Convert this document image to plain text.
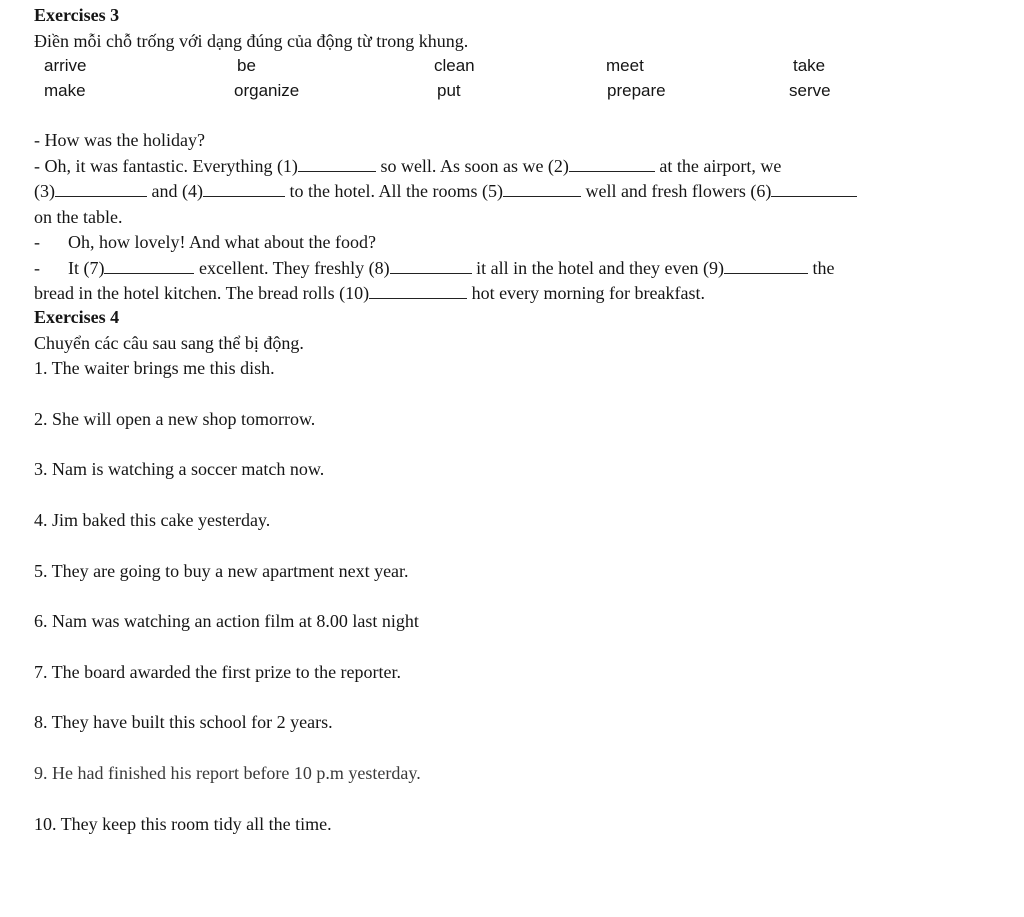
Exercises 3
Điền mỗi chỗ trống với dạng đúng của động từ trong khung.
arrive	be	clean	meet	take
make	organize	put	prepare	serve
- How was the holiday?
- Oh, it was fantastic. Everything (1)	so well. As soon as we (2)	at the airport, we
(3)	and (4)	to the hotel. All the rooms (5)	well and fresh flowers (6)
on the table.
- Oh, how lovely! And what about the food?
- It (7)	excellent. They freshly (8)	it all in the hotel and they even (9)	the
bread in the hotel kitchen. The bread rolls (10)	hot every morning for breakfast.
Exercises 4
Chuyển các câu sau sang thể bị động.
1. The waiter brings me this dish.
2. She will open a new shop tomorrow.
3. Nam is watching a soccer match now.
4. Jim baked this cake yesterday.
5. They are going to buy a new apartment next year.
6. Nam was watching an action film at 8.00 last night
7. The board awarded the first prize to the reporter.
8. They have built this school for 2 years.
9. He had finished his report before 10 p.m yesterday.
10. They keep this room tidy all the time.
